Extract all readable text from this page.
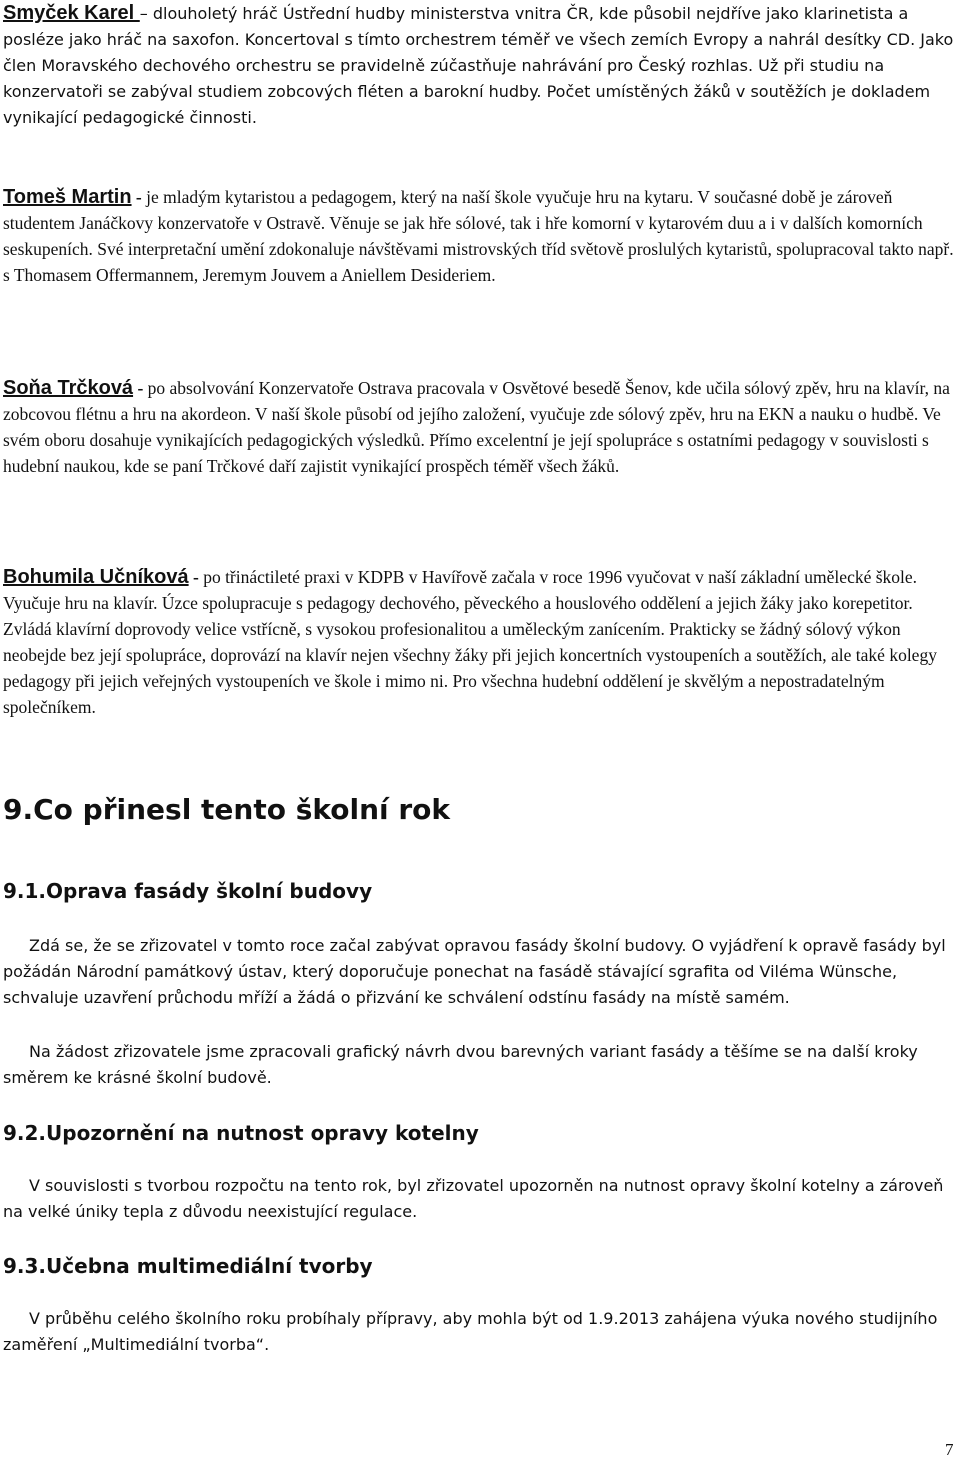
Smyček Karel – dlouholetý hráč Ústřední hudby ministerstva vnitra ČR, kde působil nejdříve jako klarinetista a posléze jako hráč na saxofon. Koncertoval s tímto orchestrem téměř ve všech zemích Evropy a nahrál desítky CD. Jako člen Moravského dechového orchestru se pravidelně zúčastňuje nahrávání pro Český rozhlas. Už při studiu na konzervatoři se zabýval studiem zobcových fléten a barokní hudby. Počet umístěných žáků v soutěžích je dokladem vynikající pedagogické činnosti.

Tomeš Martin - je mladým kytaristou a pedagogem, který na naší škole vyučuje hru na kytaru. V současné době je zároveň studentem Janáčkovy konzervatoře v Ostravě. Věnuje se jak hře sólové, tak i hře komorní v kytarovém duu a i v dalších komorních seskupeních. Své interpretační umění zdokonaluje návštěvami mistrovských tříd světově proslulých kytaristů, spolupracoval takto např. s Thomasem Offermannem, Jeremym Jouvem a Aniellem Desideriem.

Soňa Trčková - po absolvování Konzervatoře Ostrava pracovala v Osvětové besedě Šenov, kde učila sólový zpěv, hru na klavír, na zobcovou flétnu a hru na akordeon. V naší škole působí od jejího založení, vyučuje zde sólový zpěv, hru na EKN a nauku o hudbě. Ve svém oboru dosahuje vynikajících pedagogických výsledků. Přímo excelentní je její spolupráce s ostatními pedagogy v souvislosti s hudební naukou, kde se paní Trčkové daří zajistit vynikající prospěch téměř všech žáků.

Bohumila Učníková - po třináctileté praxi v KDPB v Havířově začala v roce 1996 vyučovat v naší základní umělecké škole. Vyučuje hru na klavír. Úzce spolupracuje s pedagogy dechového, pěveckého a houslového oddělení a jejich žáky jako korepetitor. Zvládá klavírní doprovody velice vstřícně, s vysokou profesionalitou a uměleckým zanícením. Prakticky se žádný sólový výkon neobejde bez její spolupráce, doprovází na klavír nejen všechny žáky při jejich koncertních vystoupeních a soutěžích, ale také kolegy pedagogy při jejich veřejných vystoupeních ve škole i mimo ni. Pro všechna hudební oddělení je skvělým a nepostradatelným společníkem.

9.Co přinesl tento školní rok
9.1.Oprava fasády školní budovy

Zdá se, že se zřizovatel v tomto roce začal zabývat opravou fasády školní budovy. O vyjádření k opravě fasády byl požádán Národní památkový ústav, který doporučuje ponechat na fasádě stávající sgrafita od Viléma Wünsche, schvaluje uzavření průchodu mříží a žádá o přizvání ke schválení odstínu fasády na místě samém.

Na žádost zřizovatele jsme zpracovali grafický návrh dvou barevných variant fasády a těšíme se na další kroky směrem ke krásné školní budově.

9.2.Upozornění na nutnost opravy kotelny

V souvislosti s tvorbou rozpočtu na tento rok, byl zřizovatel upozorněn na nutnost opravy školní kotelny a zároveň na velké úniky tepla z důvodu neexistující regulace.

9.3.Učebna multimediální tvorby

V průběhu celého školního roku probíhaly přípravy, aby mohla být od 1.9.2013 zahájena výuka nového studijního zaměření „Multimediální tvorba“.

7
